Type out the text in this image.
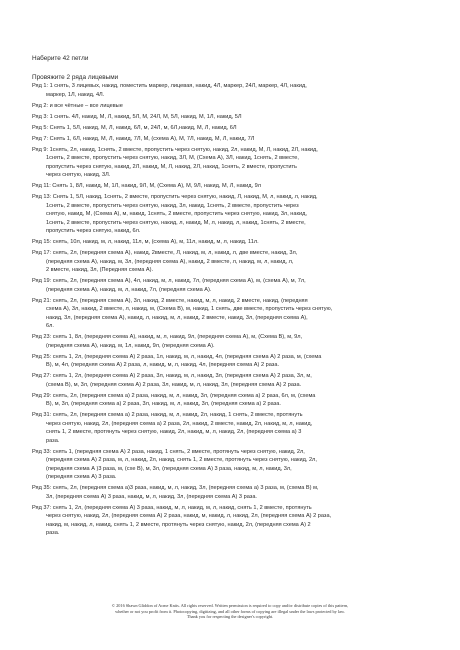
Наберите 42 петли
Провяжите 2 ряда лицевыми
Ряд 1: 1 снять, 3 лицевых, накид, поместить маркер, лицевая, накид, 4Л, маркер, 24Л, маркер, 4Л, накид,
маркер, 1Л, накид, 4Л.
Ряд 2: и все чётные – все лицевые
Ряд 3: 1 снять. 4Л, накид, М, Л, накид, 5Л, М, 24Л, М, 5Л, накид, М, 1Л, накид, 5Л
Ряд 5: Снять 1, 5Л, накид, М, Л, накид, 6Л, м, 24Л, м, 6Л,накид, М, Л, накид, 6Л
Ряд 7: Снять 1, 6Л, накид, М, Л, накид, 7Л, М, (схема А), М, 7Л, накид, М, Л, накид, 7Л
Ряд 9: 1снять, 2л, накид, 1снять, 2 вместе, пропустить через снятую, накид, 2л, накид, М, Л, накид, 2Л, накид,
1снять, 2 вместе, пропустить через снятую, накид, 3Л, М, (Схема А), 3Л, накид, 1снять, 2 вместе,
пропустить через снятую, накид, 2Л, накид, М, Л, накид, 2Л, накид, 1снять, 2 вместе, пропустить
через снятую, накид, 3Л.
Ряд 11: Снять 1, 8Л, накид, М, 1Л, накид, 9Л, М, (Схема А), М, 9Л, накид, М, Л, накид, 9л
Ряд 13: Снять 1, 5Л, накид, 1снять, 2 вместе, пропустить через снятую, накид, Л, накид, М, л, накид, л, накид,
1снять, 2 вместе, пропустить через снятую, накид, 3л, накид, 1снять, 2 вместе, пропустить через
снятую, накид, М, (Схема А), м, накид, 1снять, 2 вместе, пропустить через снятую, накид, 3л, накид,
1снять, 2 вместе, пропустить через снятую, накид, л, накид, М, л, накид, л, накид, 1снять, 2 вместе,
пропустить через снятую, накид, 6л.
Ряд 15: снять, 10л, накид, м, л, накид, 11л, м, (схема А), м, 11л, накид, м, л, накид, 11л.
Ряд 17: снять, 2л, (передняя схема А), накид, 2вместе, Л, накид, м, л, накид, л, две вместе, накид, 3л,
(передняя схема А), накид, м, 3л, (передняя схема А), накид, 2 вместе, л, накид, м, л, накид, л,
2 вместе, накид, 3л, (Передняя схема А).
Ряд 19: снять, 2л, (передняя схема А), 4л, накид, м, л, накид, 7л, (передняя схема А), м, (схема А), м, 7л,
(передняя схема А), накид, м, л, накид, 7л, (передняя схема А).
Ряд 21: снять, 2л, (передняя схема А), 3л, накид, 2 вместе, накид, м, л, накид, 2 вместе, накид, (передняя
схема А), 3л, накид, 2 вместе, л, накид, м, (Схема В), м, накид, 1 снять, две вместе, пропустить через снятую,
накид, 3л, (передняя схема А), накид, л, накид, м, л, накид, 2 вместе, накид, 3л, (передняя схема А),
6л.
Ряд 23: снять 1, 8л, (передняя схема А), накид, м, л, накид, 9л, (передняя схема А), м, (Схема В), м, 9л,
(передняя схема А), накид, м, 1л, накид, 9л, (передняя схема А).
Ряд 25: снять 1, 2л, (передняя схема А) 2 раза, 1л, накид, м, л, накид, 4л, (передняя схема А) 2 раза, м, (схема
В), м, 4л, (передняя схема А) 2 раза, л, накид, м, л, накид, 4л, (передняя схема А) 2 раза.
Ряд 27: снять 1, 2л, (передняя схема А) 2 раза, 3л, накид, м, л, накид, 3л, (передняя схема А) 2 раза, 3л, м,
(схема В), м, 3л, (передняя схема А) 2 раза, 3л, накид, м, л, накид, 3л, (передняя схема А) 2 раза.
Ряд 29: снять, 2л, (передняя схема а) 2 раза, накид, м, л, накид, 3л, (передняя схема а) 2 раза, 6л, м, (схема
В), м, 3л, (передняя схема а) 2 раза, 3л, накид, м, л, накид, 3л, (передняя схема а) 2 раза.
Ряд 31: снять, 2л, (передняя схема а) 2 раза, накид, м, л, накид, 2л, накид, 1 снять, 2 вместе, протянуть
через снятую, накид, 2л, (передняя схема а) 2 раза, 2л, накид, 2 вместе, накид, 2л, накид, м, л, накид,
снять 1, 2 вместе, протянуть через снятую, накид, 2л, накид, м, л, накид, 2л, (передняя схема а) 3
раза.
Ряд 33: снять 1, (передняя схема А) 2 раза, накид, 1 снять, 2 вместе, протянуть через снятую, накид, 2л,
(передняя схема А) 2 раза, м, л, накид, 2л, накид, снять 1, 2 вместе, протянуть через снятую, накид, 2л,
(передняя схема А )3 раза, м, (схе В), м, 3л, (передняя схема А) 3 раза, накид, м, л, накид, 3л,
(передняя схема А) 3 раза.
Ряд 35: снять, 2л, (передняя схема а)3 раза, накид, м, л, накид, 3л, (передняя схема а) 3 раза, м, (схема В) м,
3л, (передняя схема А) 3 раза, накид, м, л, накид, 3л, (передняя схема А) 3 раза.
Ряд 37: снять 1, 2л, (передняя схема А) 3 раза, накид, м, л, накид, м, л, накид, снять 1, 2 вместе, протянуть
через снятую, накид, 2л, (передняя схема А) 2 раза, накид, м, накид, л, накид, 2л, (передняя схема А) 2 раза,
накид, м, накид, л, накид, снять 1, 2 вместе, протянуть через снятую, накид, 2л, (передняя схема А) 2
раза.
© 2016 Shawn Gliddon of Acme Knits. All rights reserved. Written permission is required to copy and/or distribute copies of this pattern,
whether or not you profit from it. Photocopying, digitizing, and all other forms of copying are illegal under the laws protected by law.
Thank you for respecting the designer's copyright.
